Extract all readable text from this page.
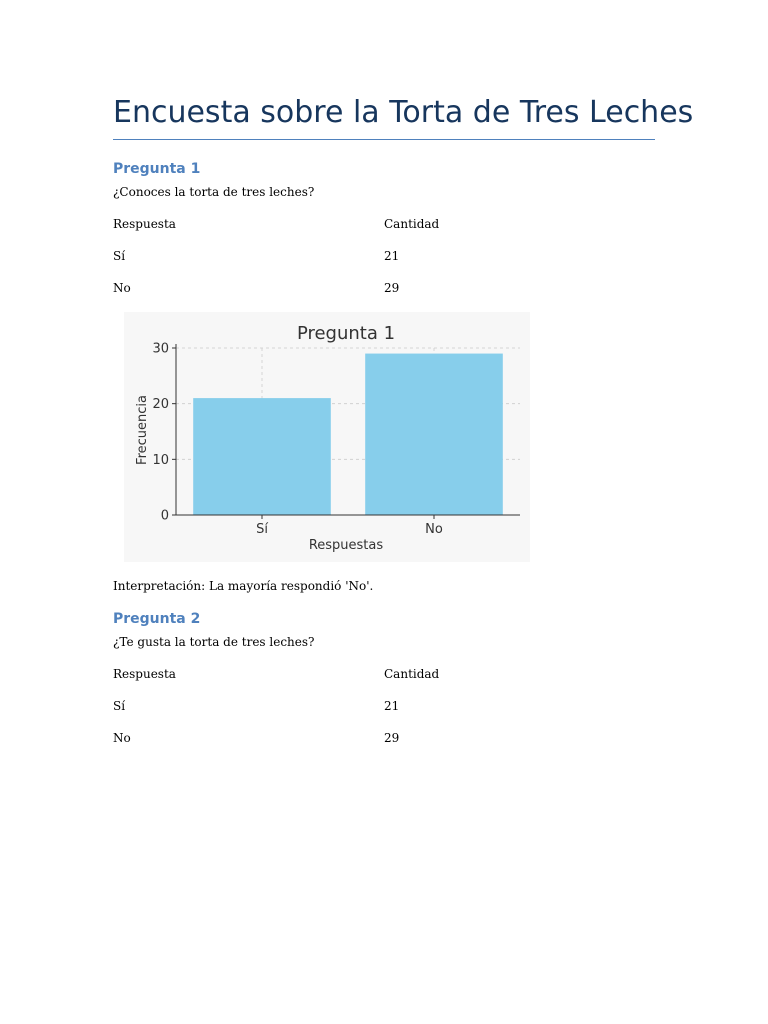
Encuesta sobre la Torta de Tres Leches
Pregunta 1

¿Conoces la torta de tres leches?

Respuesta	Cantidad
Sí	21
No	29
0
10
20
30
Sí	No
Pregunta 1
Respuestas
Frecuencia
Interpretación: La mayoría respondió 'No'.
Pregunta 2

¿Te gusta la torta de tres leches?

Respuesta	Cantidad
Sí	21
No	29
